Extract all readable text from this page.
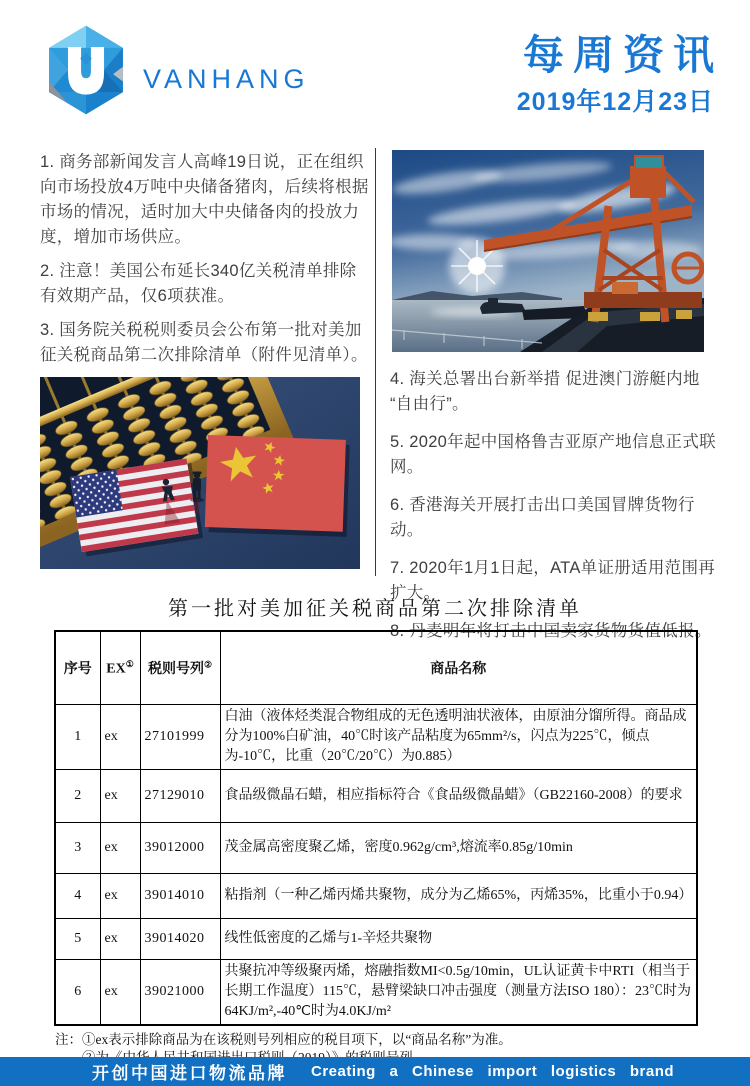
VANHANG
每周资讯
2019年12月23日

1. 商务部新闻发言人高峰19日说，正在组织向市场投放4万吨中央储备猪肉，后续将根据市场的情况，适时加大中央储备肉的投放力度，增加市场供应。

2. 注意！美国公布延长340亿关税清单排除有效期产品，仅6项获准。

3. 国务院关税税则委员会公布第一批对美加征关税商品第二次排除清单（附件见清单）。

4. 海关总署出台新举措 促进澳门游艇内地 “自由行”。

5. 2020年起中国格鲁吉亚原产地信息正式联网。

6. 香港海关开展打击出口美国冒牌货物行动。

7. 2020年1月1日起，ATA单证册适用范围再扩大。

8. 丹麦明年将打击中国卖家货物货值低报。

第一批对美加征关税商品第二次排除清单
序号	EX①	税则号列②	商品名称
1	ex	27101999	白油（液体烃类混合物组成的无色透明油状液体，由原油分馏所得。商品成分为100%白矿油，40℃时该产品粘度为65mm²/s，闪点为225℃，倾点为-10℃，比重（20℃/20℃）为0.885）
2	ex	27129010	食品级微晶石蜡，相应指标符合《食品级微晶蜡》（GB22160-2008）的要求
3	ex	39012000	茂金属高密度聚乙烯，密度0.962g/cm³,熔流率0.85g/10min
4	ex	39014010	粘指剂（一种乙烯丙烯共聚物，成分为乙烯65%，丙烯35%，比重小于0.94）
5	ex	39014020	线性低密度的乙烯与1-辛烃共聚物
6	ex	39021000	共聚抗冲等级聚丙烯，熔融指数MI<0.5g/10min，UL认证黄卡中RTI（相当于长期工作温度）115℃，悬臂梁缺口冲击强度（测量方法ISO 180）：23℃时为64KJ/m²,-40℃时为4.0KJ/m²
注：①ex表示排除商品为在该税则号列相应的税目项下，以“商品名称”为准。
开创中国进口物流品牌 Creating a Chinese import logistics brand
